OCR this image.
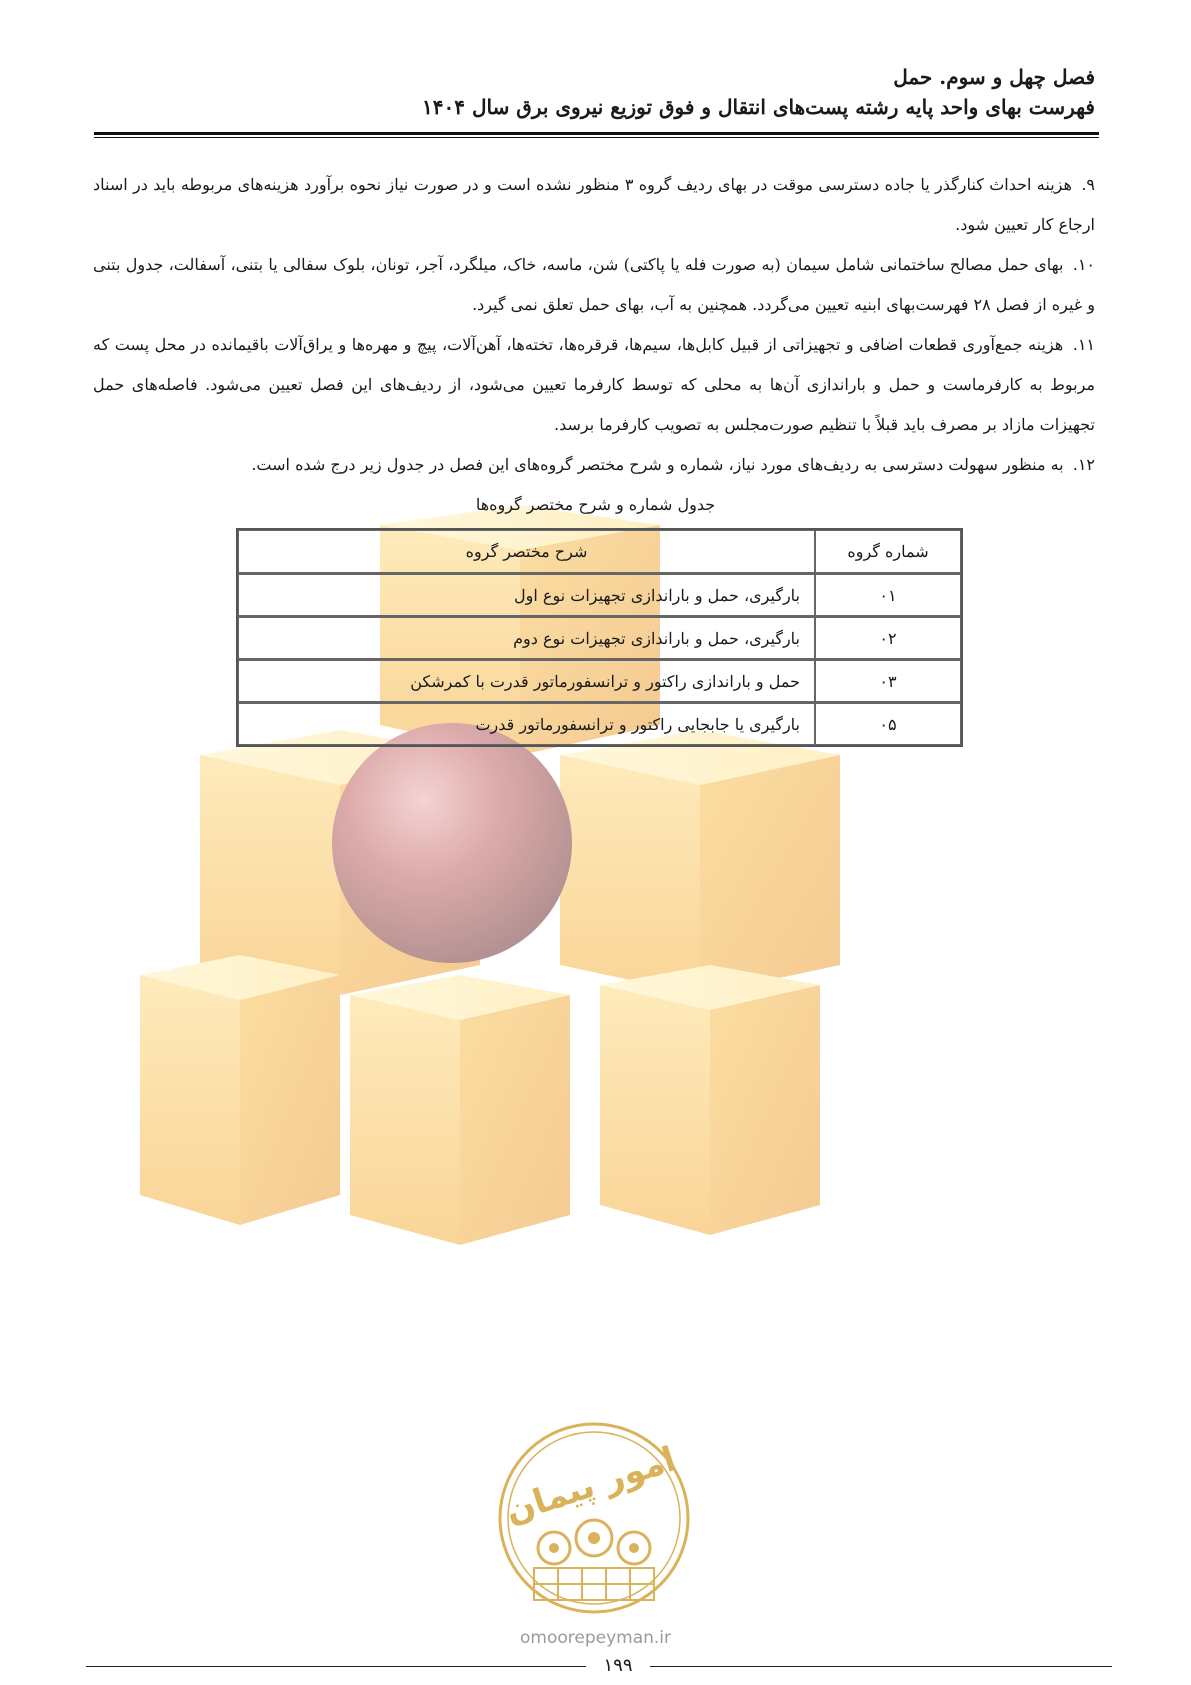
فصل چهل و سوم. حمل
فهرست بهای واحد پایه رشته پست‌های انتقال و فوق توزیع نیروی برق سال ۱۴۰۴

۹. هزینه احداث کنارگذر یا جاده دسترسی موقت در بهای ردیف گروه ۳ منظور نشده است و در صورت نیاز نحوه برآورد هزینه‌های مربوطه باید در اسناد ارجاع کار تعیین شود.

۱۰. بهای حمل مصالح ساختمانی شامل سیمان (به صورت فله یا پاکتی) شن، ماسه، خاک، میلگرد، آجر، تونان، بلوک سفالی یا بتنی، آسفالت، جدول بتنی و غیره از فصل ۲۸ فهرست‌بهای ابنیه تعیین می‌گردد. همچنین به آب، بهای حمل تعلق نمی گیرد.

۱۱. هزینه جمع‌آوری قطعات اضافی و تجهیزاتی از قبیل کابل‌ها، سیم‌ها، قرقره‌ها، تخته‌ها، آهن‌آلات، پیچ و مهره‌ها و یراق‌آلات باقیمانده در محل پست که مربوط به کارفرماست و حمل و باراندازی آن‌ها به محلی که توسط کارفرما تعیین می‌شود، از ردیف‌های این فصل تعیین می‌شود. فاصله‌های حمل تجهیزات مازاد بر مصرف باید قبلاً با تنظیم صورت‌مجلس به تصویب کارفرما برسد.

۱۲. به منظور سهولت دسترسی به ردیف‌های مورد نیاز، شماره و شرح مختصر گروه‌های این فصل در جدول زیر درج شده است.

جدول شماره و شرح مختصر گروه‌ها
شماره گروه	شرح مختصر گروه
۰۱	بارگیری، حمل و باراندازی تجهیزات نوع اول
۰۲	بارگیری، حمل و باراندازی تجهیزات نوع دوم
۰۳	حمل و باراندازی راکتور و ترانسفورماتور قدرت با کمرشکن
۰۵	بارگیری یا جابجایی راکتور و ترانسفورماتور قدرت
امور پیمان
omoorepeyman.ir
۱۹۹
